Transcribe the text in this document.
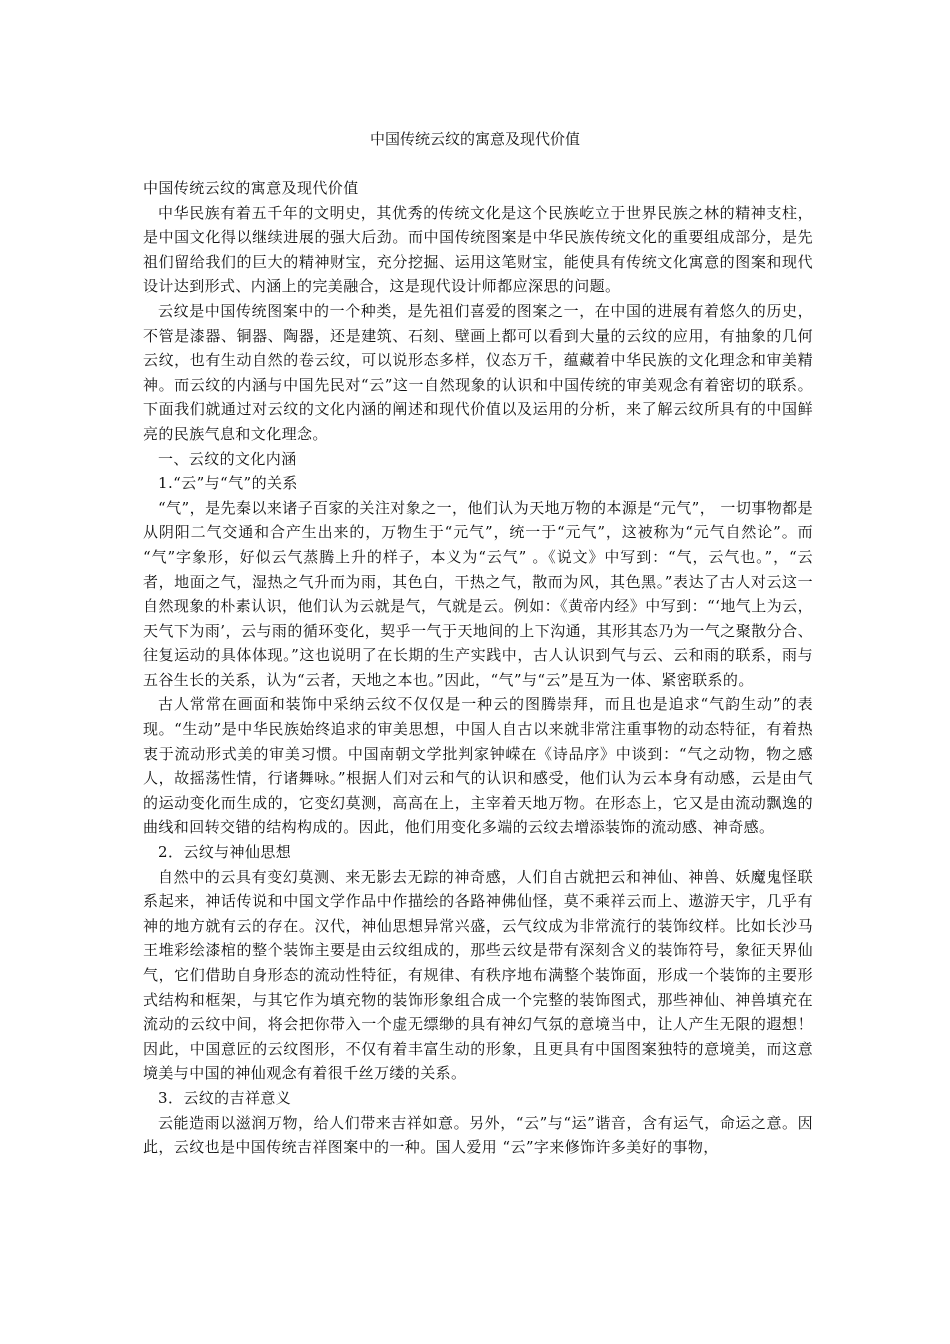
中国传统云纹的寓意及现代价值

中国传统云纹的寓意及现代价值

中华民族有着五千年的文明史，其优秀的传统文化是这个民族屹立于世界民族之林的精神支柱，是中国文化得以继续进展的强大后劲。而中国传统图案是中华民族传统文化的重要组成部分，是先祖们留给我们的巨大的精神财宝，充分挖掘、运用这笔财宝，能使具有传统文化寓意的图案和现代设计达到形式、内涵上的完美融合，这是现代设计师都应深思的问题。

云纹是中国传统图案中的一个种类，是先祖们喜爱的图案之一，在中国的进展有着悠久的历史，不管是漆器、铜器、陶器，还是建筑、石刻、壁画上都可以看到大量的云纹的应用，有抽象的几何云纹，也有生动自然的卷云纹，可以说形态多样，仪态万千，蕴藏着中华民族的文化理念和审美精神。而云纹的内涵与中国先民对“云”这一自然现象的认识和中国传统的审美观念有着密切的联系。下面我们就通过对云纹的文化内涵的阐述和现代价值以及运用的分析，来了解云纹所具有的中国鲜亮的民族气息和文化理念。

一、云纹的文化内涵

1.“云”与“气”的关系

“气”，是先秦以来诸子百家的关注对象之一，他们认为天地万物的本源是“元气”， 一切事物都是从阴阳二气交通和合产生出来的，万物生于“元气”，统一于“元气”，这被称为“元气自然论”。而 “气”字象形，好似云气蒸腾上升的样子，本义为“云气” 。《说文》中写到：“气，云气也。”，“云者，地面之气，湿热之气升而为雨，其色白，干热之气，散而为风，其色黑。”表达了古人对云这一自然现象的朴素认识，他们认为云就是气，气就是云。例如：《黄帝内经》中写到：“‘地气上为云，天气下为雨’，云与雨的循环变化，契乎一气于天地间的上下沟通，其形其态乃为一气之聚散分合、往复运动的具体体现。”这也说明了在长期的生产实践中，古人认识到气与云、云和雨的联系，雨与五谷生长的关系，认为“云者，天地之本也。”因此，“气”与“云”是互为一体、紧密联系的。

古人常常在画面和装饰中采纳云纹不仅仅是一种云的图腾崇拜，而且也是追求“气韵生动”的表现。“生动”是中华民族始终追求的审美思想，中国人自古以来就非常注重事物的动态特征，有着热衷于流动形式美的审美习惯。中国南朝文学批判家钟嵘在《诗品序》中谈到：“气之动物，物之感人，故摇荡性情，行诸舞咏。”根据人们对云和气的认识和感受，他们认为云本身有动感，云是由气的运动变化而生成的，它变幻莫测，高高在上，主宰着天地万物。在形态上，它又是由流动飘逸的曲线和回转交错的结构构成的。因此，他们用变化多端的云纹去增添装饰的流动感、神奇感。

2．云纹与神仙思想

自然中的云具有变幻莫测、来无影去无踪的神奇感，人们自古就把云和神仙、神兽、妖魔鬼怪联系起来，神话传说和中国文学作品中作描绘的各路神佛仙怪，莫不乘祥云而上、遨游天宇，几乎有神的地方就有云的存在。汉代，神仙思想异常兴盛，云气纹成为非常流行的装饰纹样。比如长沙马王堆彩绘漆棺的整个装饰主要是由云纹组成的，那些云纹是带有深刻含义的装饰符号，象征天界仙气，它们借助自身形态的流动性特征，有规律、有秩序地布满整个装饰面，形成一个装饰的主要形式结构和框架，与其它作为填充物的装饰形象组合成一个完整的装饰图式，那些神仙、神兽填充在流动的云纹中间，将会把你带入一个虚无缥缈的具有神幻气氛的意境当中，让人产生无限的遐想！因此，中国意匠的云纹图形，不仅有着丰富生动的形象，且更具有中国图案独特的意境美，而这意境美与中国的神仙观念有着很千丝万缕的关系。

3．云纹的吉祥意义

云能造雨以滋润万物，给人们带来吉祥如意。另外，“云”与“运”谐音，含有运气，命运之意。因此，云纹也是中国传统吉祥图案中的一种。国人爱用 “云”字来修饰许多美好的事物，
